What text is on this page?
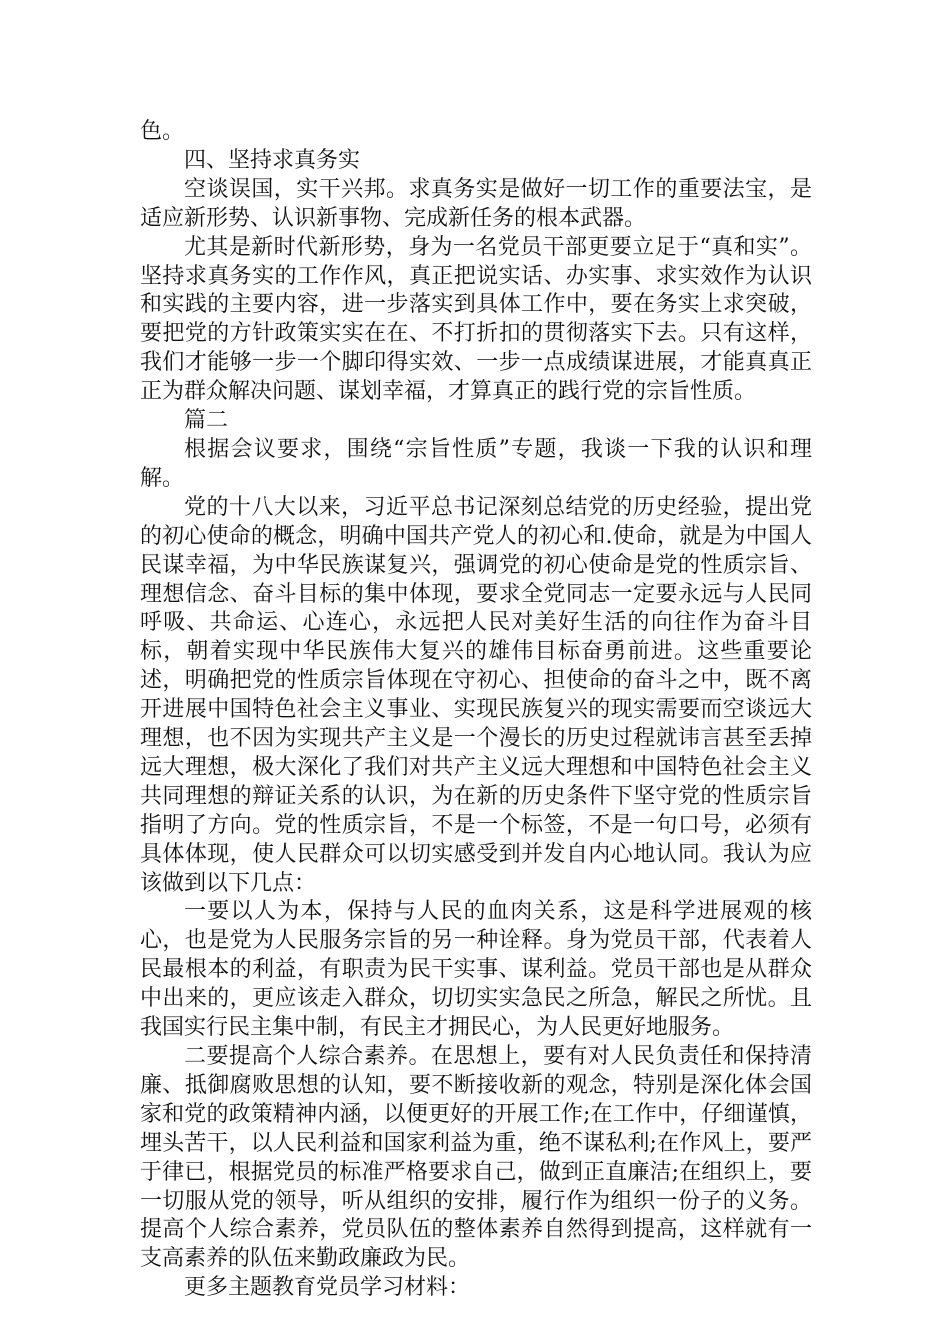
色。

四、坚持求真务实

空谈误国，实干兴邦。求真务实是做好一切工作的重要法宝，是适应新形势、认识新事物、完成新任务的根本武器。

尤其是新时代新形势，身为一名党员干部更要立足于“真和实”。坚持求真务实的工作作风，真正把说实话、办实事、求实效作为认识和实践的主要内容，进一步落实到具体工作中，要在务实上求突破，要把党的方针政策实实在在、不打折扣的贯彻落实下去。只有这样，我们才能够一步一个脚印得实效、一步一点成绩谋进展，才能真真正正为群众解决问题、谋划幸福，才算真正的践行党的宗旨性质。

篇二

根据会议要求，围绕“宗旨性质”专题，我谈一下我的认识和理解。

党的十八大以来，习近平总书记深刻总结党的历史经验，提出党的初心使命的概念，明确中国共产党人的初心和.使命，就是为中国人民谋幸福，为中华民族谋复兴，强调党的初心使命是党的性质宗旨、理想信念、奋斗目标的集中体现，要求全党同志一定要永远与人民同呼吸、共命运、心连心，永远把人民对美好生活的向往作为奋斗目标，朝着实现中华民族伟大复兴的雄伟目标奋勇前进。这些重要论述，明确把党的性质宗旨体现在守初心、担使命的奋斗之中，既不离开进展中国特色社会主义事业、实现民族复兴的现实需要而空谈远大理想，也不因为实现共产主义是一个漫长的历史过程就讳言甚至丢掉远大理想，极大深化了我们对共产主义远大理想和中国特色社会主义共同理想的辩证关系的认识，为在新的历史条件下坚守党的性质宗旨指明了方向。党的性质宗旨，不是一个标签，不是一句口号，必须有具体体现，使人民群众可以切实感受到并发自内心地认同。我认为应该做到以下几点：

一要以人为本，保持与人民的血肉关系，这是科学进展观的核心，也是党为人民服务宗旨的另一种诠释。身为党员干部，代表着人民最根本的利益，有职责为民干实事、谋利益。党员干部也是从群众中出来的，更应该走入群众，切切实实急民之所急，解民之所忧。且我国实行民主集中制，有民主才拥民心，为人民更好地服务。

二要提高个人综合素养。在思想上，要有对人民负责任和保持清廉、抵御腐败思想的认知，要不断接收新的观念，特别是深化体会国家和党的政策精神内涵，以便更好的开展工作;在工作中，仔细谨慎，埋头苦干，以人民利益和国家利益为重，绝不谋私利;在作风上，要严于律已，根据党员的标准严格要求自己，做到正直廉洁;在组织上，要一切服从党的领导，听从组织的安排，履行作为组织一份子的义务。提高个人综合素养，党员队伍的整体素养自然得到提高，这样就有一支高素养的队伍来勤政廉政为民。

更多主题教育党员学习材料：
